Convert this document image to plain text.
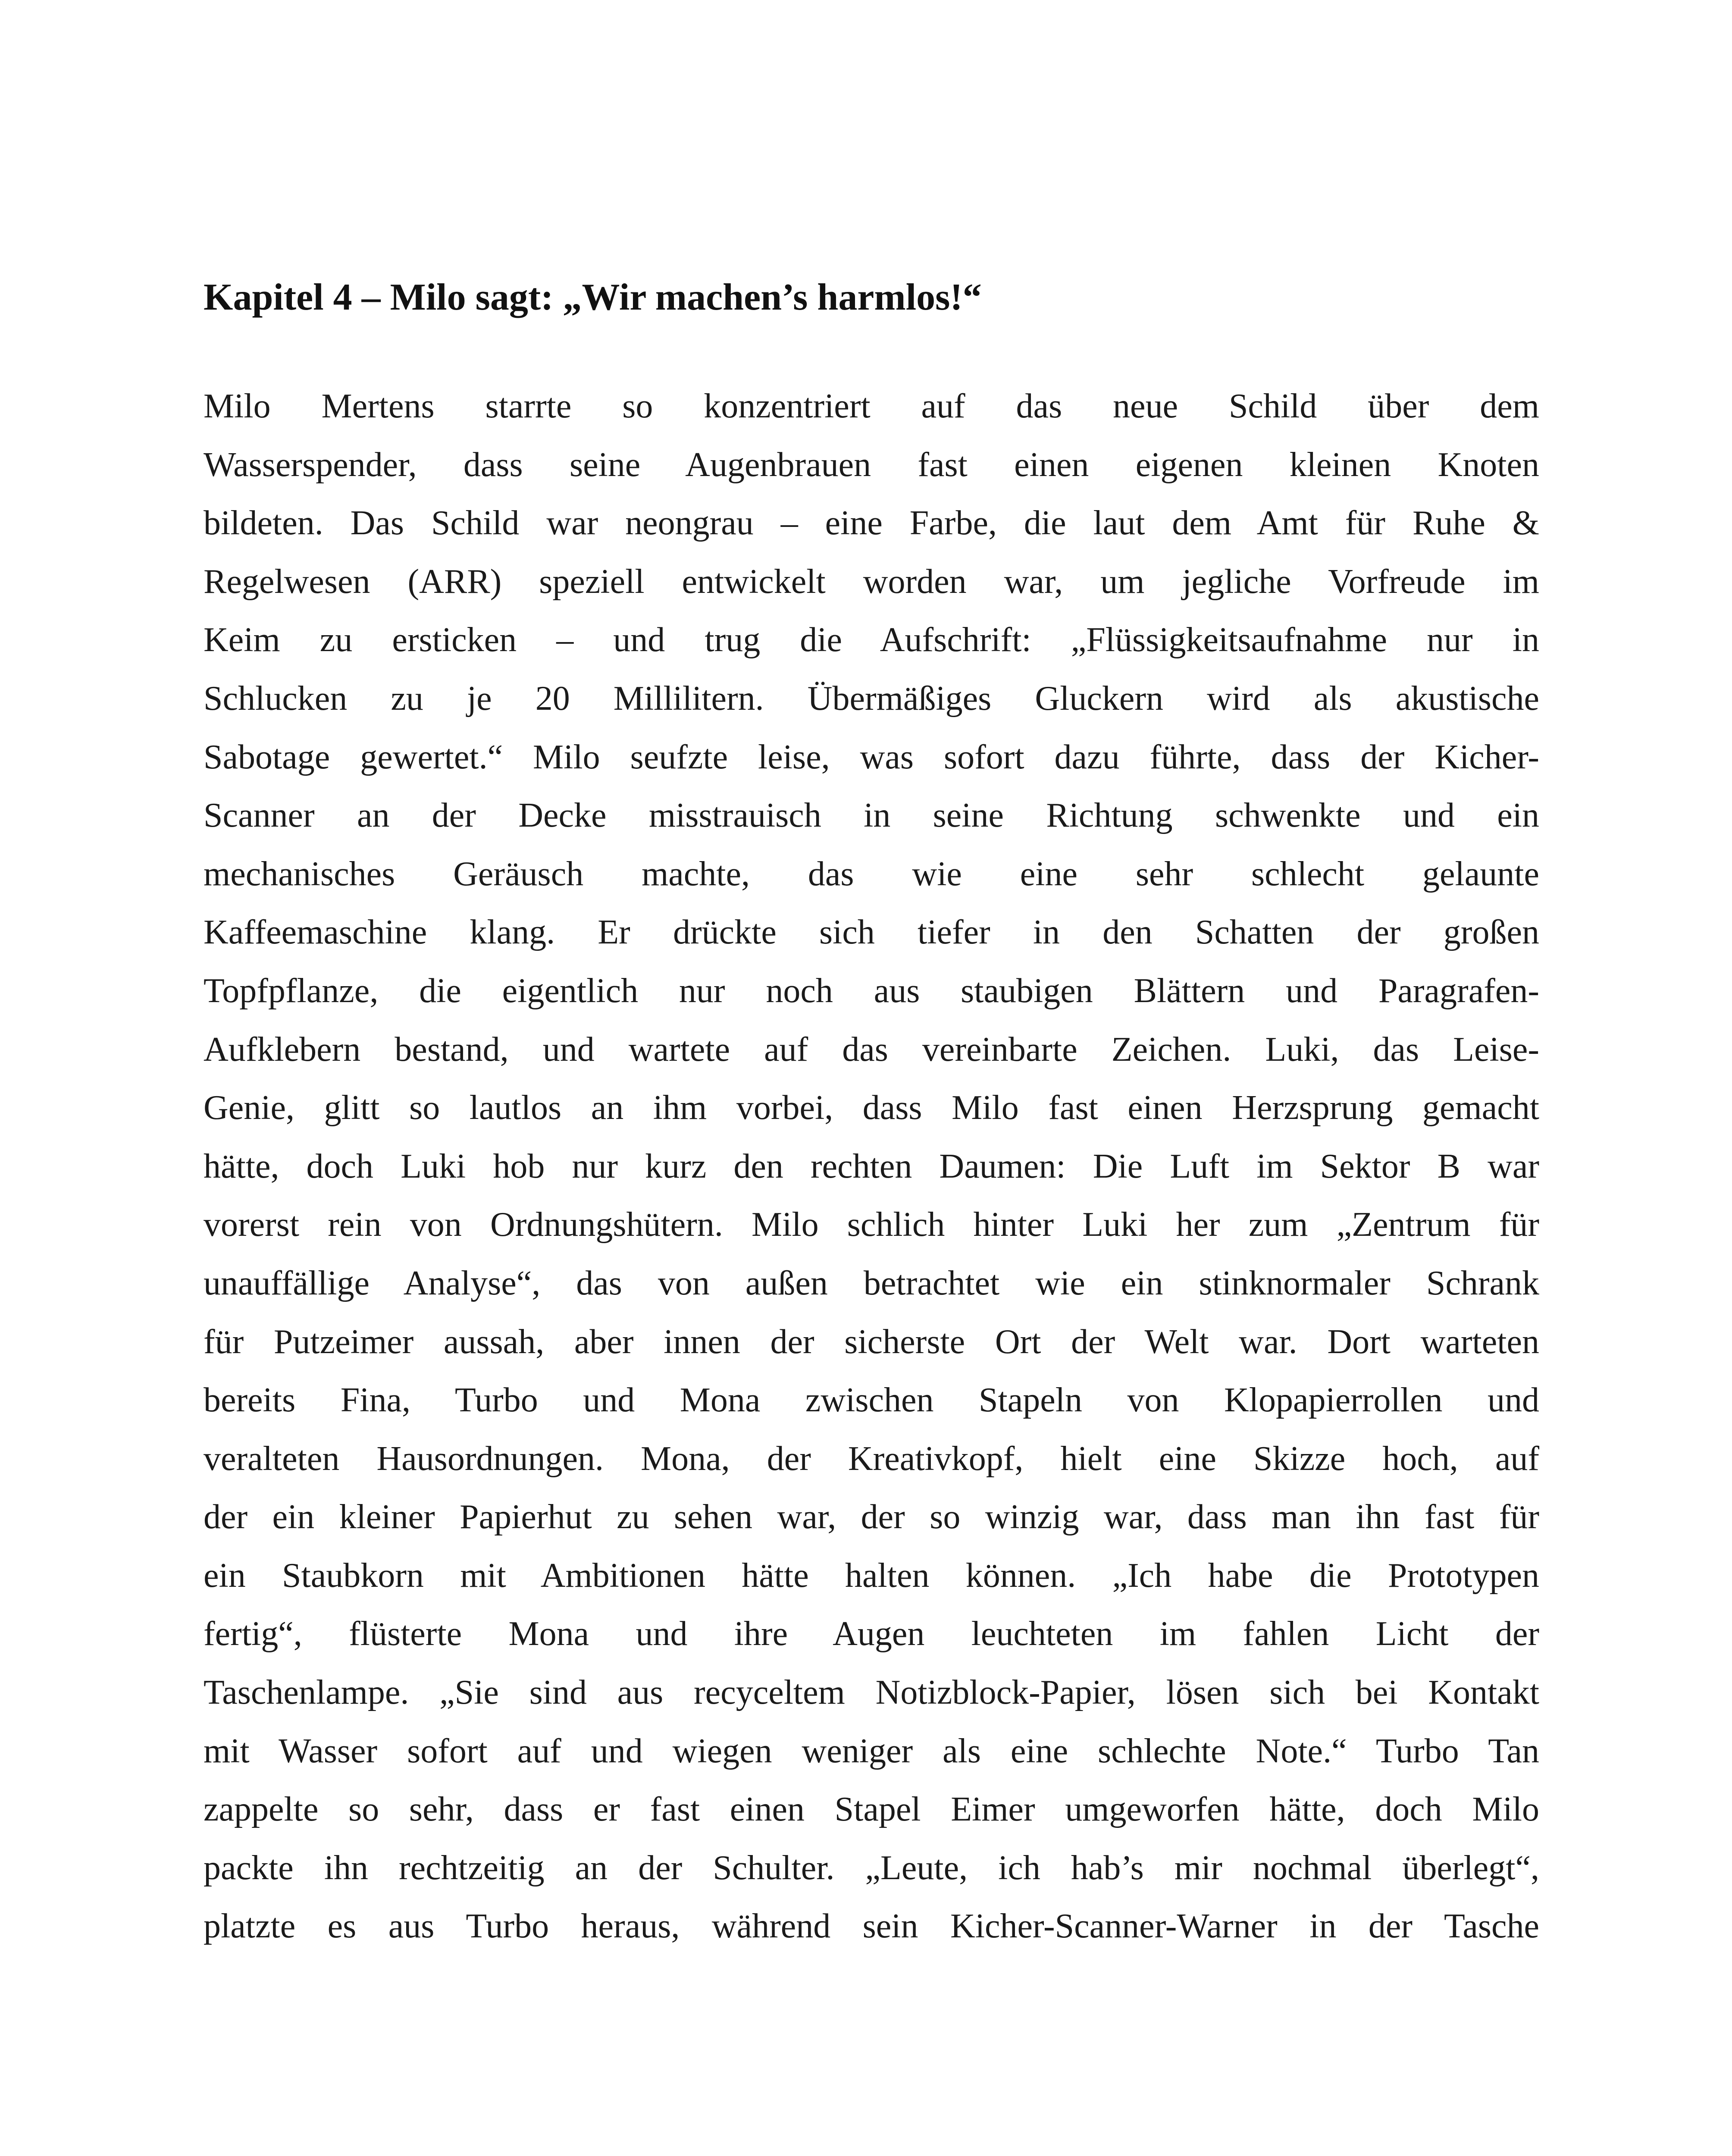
Kapitel 4 – Milo sagt: „Wir machen’s harmlos!“
Milo Mertens starrte so konzentriert auf das neue Schild über dem
Wasserspender, dass seine Augenbrauen fast einen eigenen kleinen Knoten
bildeten. Das Schild war neongrau – eine Farbe, die laut dem Amt für Ruhe &
Regelwesen (ARR) speziell entwickelt worden war, um jegliche Vorfreude im
Keim zu ersticken – und trug die Aufschrift: „Flüssigkeitsaufnahme nur in
Schlucken zu je 20 Millilitern. Übermäßiges Gluckern wird als akustische
Sabotage gewertet.“ Milo seufzte leise, was sofort dazu führte, dass der Kicher-
Scanner an der Decke misstrauisch in seine Richtung schwenkte und ein
mechanisches Geräusch machte, das wie eine sehr schlecht gelaunte
Kaffeemaschine klang. Er drückte sich tiefer in den Schatten der großen
Topfpflanze, die eigentlich nur noch aus staubigen Blättern und Paragrafen-
Aufklebern bestand, und wartete auf das vereinbarte Zeichen. Luki, das Leise-
Genie, glitt so lautlos an ihm vorbei, dass Milo fast einen Herzsprung gemacht
hätte, doch Luki hob nur kurz den rechten Daumen: Die Luft im Sektor B war
vorerst rein von Ordnungshütern. Milo schlich hinter Luki her zum „Zentrum für
unauffällige Analyse“, das von außen betrachtet wie ein stinknormaler Schrank
für Putzeimer aussah, aber innen der sicherste Ort der Welt war. Dort warteten
bereits Fina, Turbo und Mona zwischen Stapeln von Klopapierrollen und
veralteten Hausordnungen. Mona, der Kreativkopf, hielt eine Skizze hoch, auf
der ein kleiner Papierhut zu sehen war, der so winzig war, dass man ihn fast für
ein Staubkorn mit Ambitionen hätte halten können. „Ich habe die Prototypen
fertig“, flüsterte Mona und ihre Augen leuchteten im fahlen Licht der
Taschenlampe. „Sie sind aus recyceltem Notizblock-Papier, lösen sich bei Kontakt
mit Wasser sofort auf und wiegen weniger als eine schlechte Note.“ Turbo Tan
zappelte so sehr, dass er fast einen Stapel Eimer umgeworfen hätte, doch Milo
packte ihn rechtzeitig an der Schulter. „Leute, ich hab’s mir nochmal überlegt“,
platzte es aus Turbo heraus, während sein Kicher-Scanner-Warner in der Tasche
